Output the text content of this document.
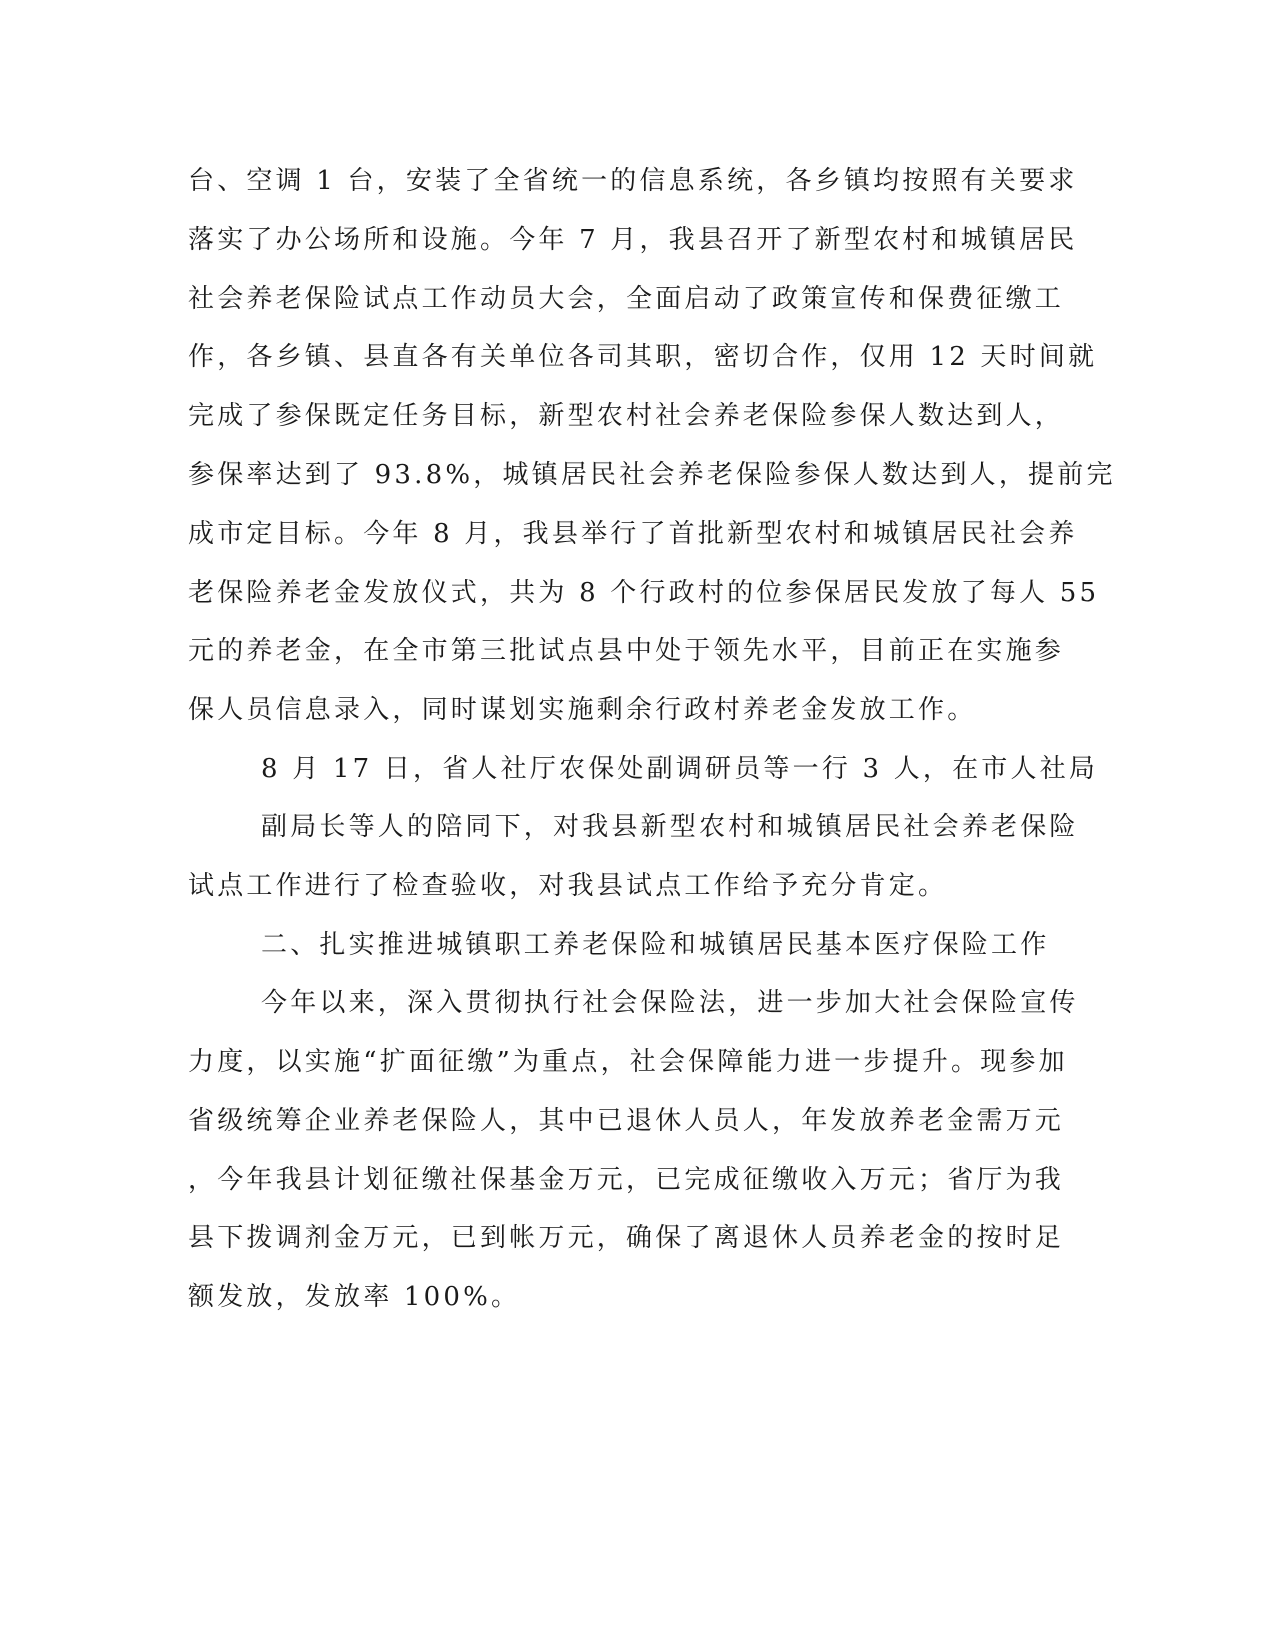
台、空调 1 台，安装了全省统一的信息系统，各乡镇均按照有关要求
落实了办公场所和设施。今年 7 月，我县召开了新型农村和城镇居民
社会养老保险试点工作动员大会，全面启动了政策宣传和保费征缴工
作，各乡镇、县直各有关单位各司其职，密切合作，仅用 12 天时间就
完成了参保既定任务目标，新型农村社会养老保险参保人数达到人，
参保率达到了 93.8%，城镇居民社会养老保险参保人数达到人，提前完
成市定目标。今年 8 月，我县举行了首批新型农村和城镇居民社会养
老保险养老金发放仪式，共为 8 个行政村的位参保居民发放了每人 55
元的养老金，在全市第三批试点县中处于领先水平，目前正在实施参
保人员信息录入，同时谋划实施剩余行政村养老金发放工作。
8 月 17 日，省人社厅农保处副调研员等一行 3 人，在市人社局
副局长等人的陪同下，对我县新型农村和城镇居民社会养老保险
试点工作进行了检查验收，对我县试点工作给予充分肯定。
二、扎实推进城镇职工养老保险和城镇居民基本医疗保险工作
今年以来，深入贯彻执行社会保险法，进一步加大社会保险宣传
力度，以实施“扩面征缴”为重点，社会保障能力进一步提升。现参加
省级统筹企业养老保险人，其中已退休人员人，年发放养老金需万元
，今年我县计划征缴社保基金万元，已完成征缴收入万元；省厅为我
县下拨调剂金万元，已到帐万元，确保了离退休人员养老金的按时足
额发放，发放率 100%。
